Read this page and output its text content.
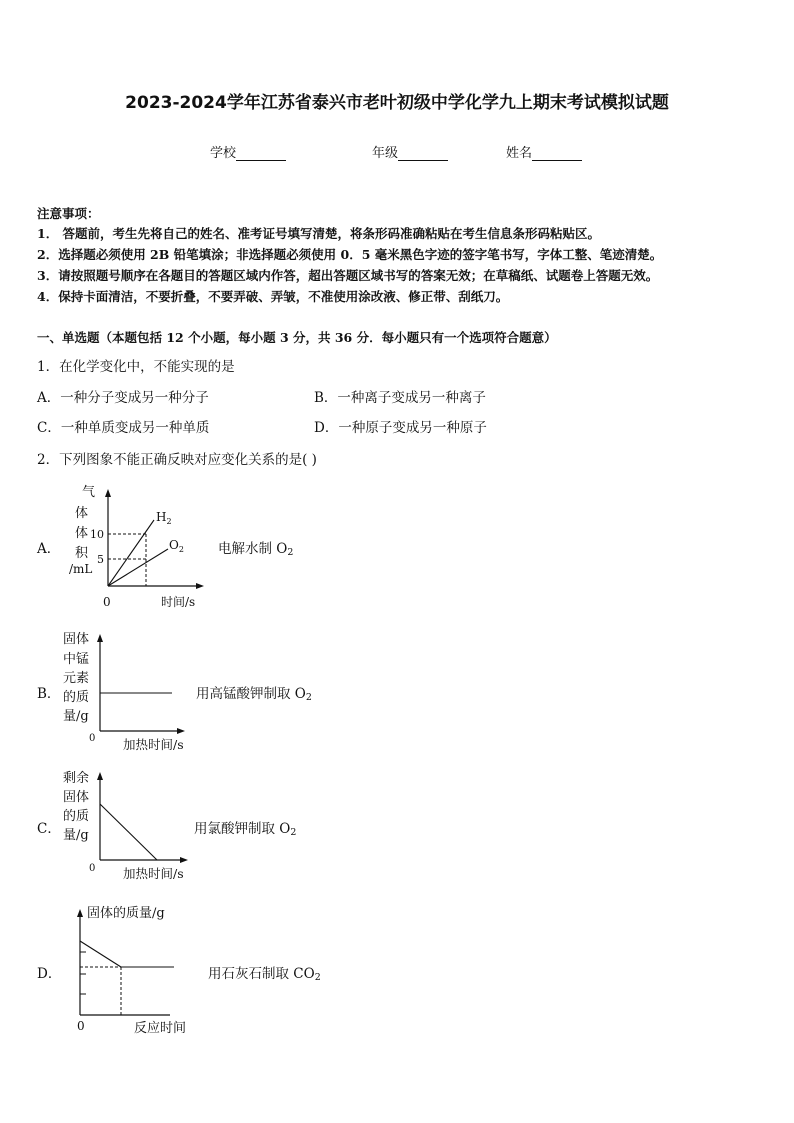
2023-2024学年江苏省泰兴市老叶初级中学化学九上期末考试模拟试题
学校	年级	姓名
注意事项：
1． 答题前，考生先将自己的姓名、准考证号填写清楚，将条形码准确粘贴在考生信息条形码粘贴区。
2．选择题必须使用 2B 铅笔填涂；非选择题必须使用 0．5 毫米黑色字迹的签字笔书写，字体工整、笔迹清楚。
3．请按照题号顺序在各题目的答题区域内作答，超出答题区域书写的答案无效；在草稿纸、试题卷上答题无效。
4．保持卡面清洁，不要折叠，不要弄破、弄皱，不准使用涂改液、修正带、刮纸刀。
一、单选题（本题包括 12 个小题，每小题 3 分，共 36 分．每小题只有一个选项符合题意）
1．在化学变化中，不能实现的是
A．一种分子变成另一种分子	B．一种离子变成另一种离子
C．一种单质变成另一种单质	D．一种原子变成另一种原子
2．下列图象不能正确反映对应变化关系的是( )
A．
气
体
体
积
/mL
10
5
$H_2$
$O_2$
0	时间/s
电解水制 $O_2$
B．
固体
中锰
元素
的质
量/g
0 加热时间/s
用高锰酸钾制取 $O_2$
C．
剩余
固体
的质
量/g
0 加热时间/s
用氯酸钾制取 $O_2$
D．
固体的质量/g
0	反应时间
用石灰石制取 $CO_2$
